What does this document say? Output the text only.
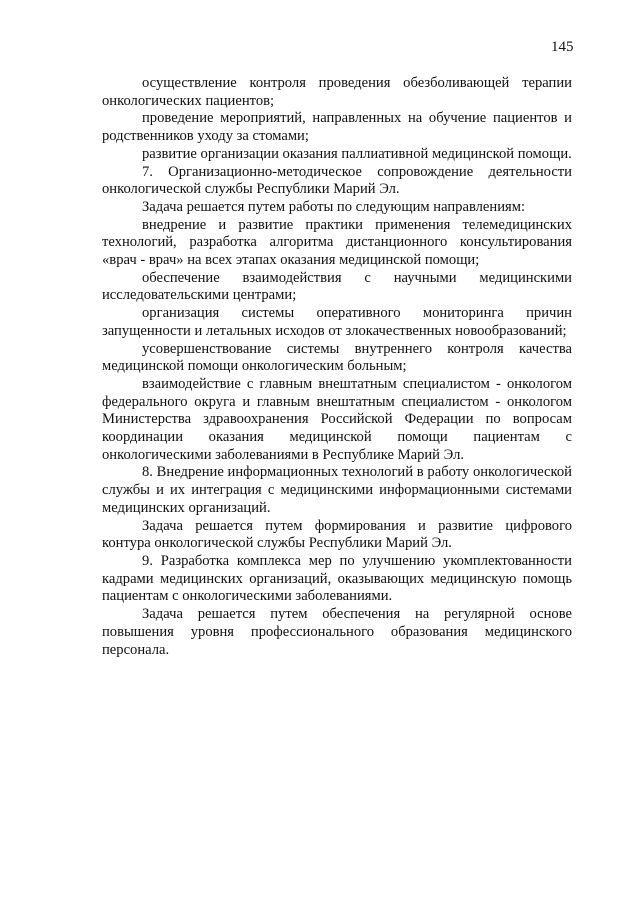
145

осуществление контроля проведения обезболивающей терапии онкологических пациентов;

проведение мероприятий, направленных на обучение пациентов и родственников уходу за стомами;

развитие организации оказания паллиативной медицинской помощи.

7. Организационно-методическое сопровождение деятельности онкологической службы Республики Марий Эл.

Задача решается путем работы по следующим направлениям:

внедрение и развитие практики применения телемедицинских технологий, разработка алгоритма дистанционного консультирования «врач - врач» на всех этапах оказания медицинской помощи;

обеспечение взаимодействия с научными медицинскими исследовательскими центрами;

организация системы оперативного мониторинга причин запущенности и летальных исходов от злокачественных новообразований;

усовершенствование системы внутреннего контроля качества медицинской помощи онкологическим больным;

взаимодействие с главным внештатным специалистом - онкологом федерального округа и главным внештатным специалистом - онкологом Министерства здравоохранения Российской Федерации по вопросам координации оказания медицинской помощи пациентам с онкологическими заболеваниями в Республике Марий Эл.

8. Внедрение информационных технологий в работу онкологической службы и их интеграция с медицинскими информационными системами медицинских организаций.

Задача решается путем формирования и развитие цифрового контура онкологической службы Республики Марий Эл.

9. Разработка комплекса мер по улучшению укомплектованности кадрами медицинских организаций, оказывающих медицинскую помощь пациентам с онкологическими заболеваниями.

Задача решается путем обеспечения на регулярной основе повышения уровня профессионального образования медицинского персонала.
